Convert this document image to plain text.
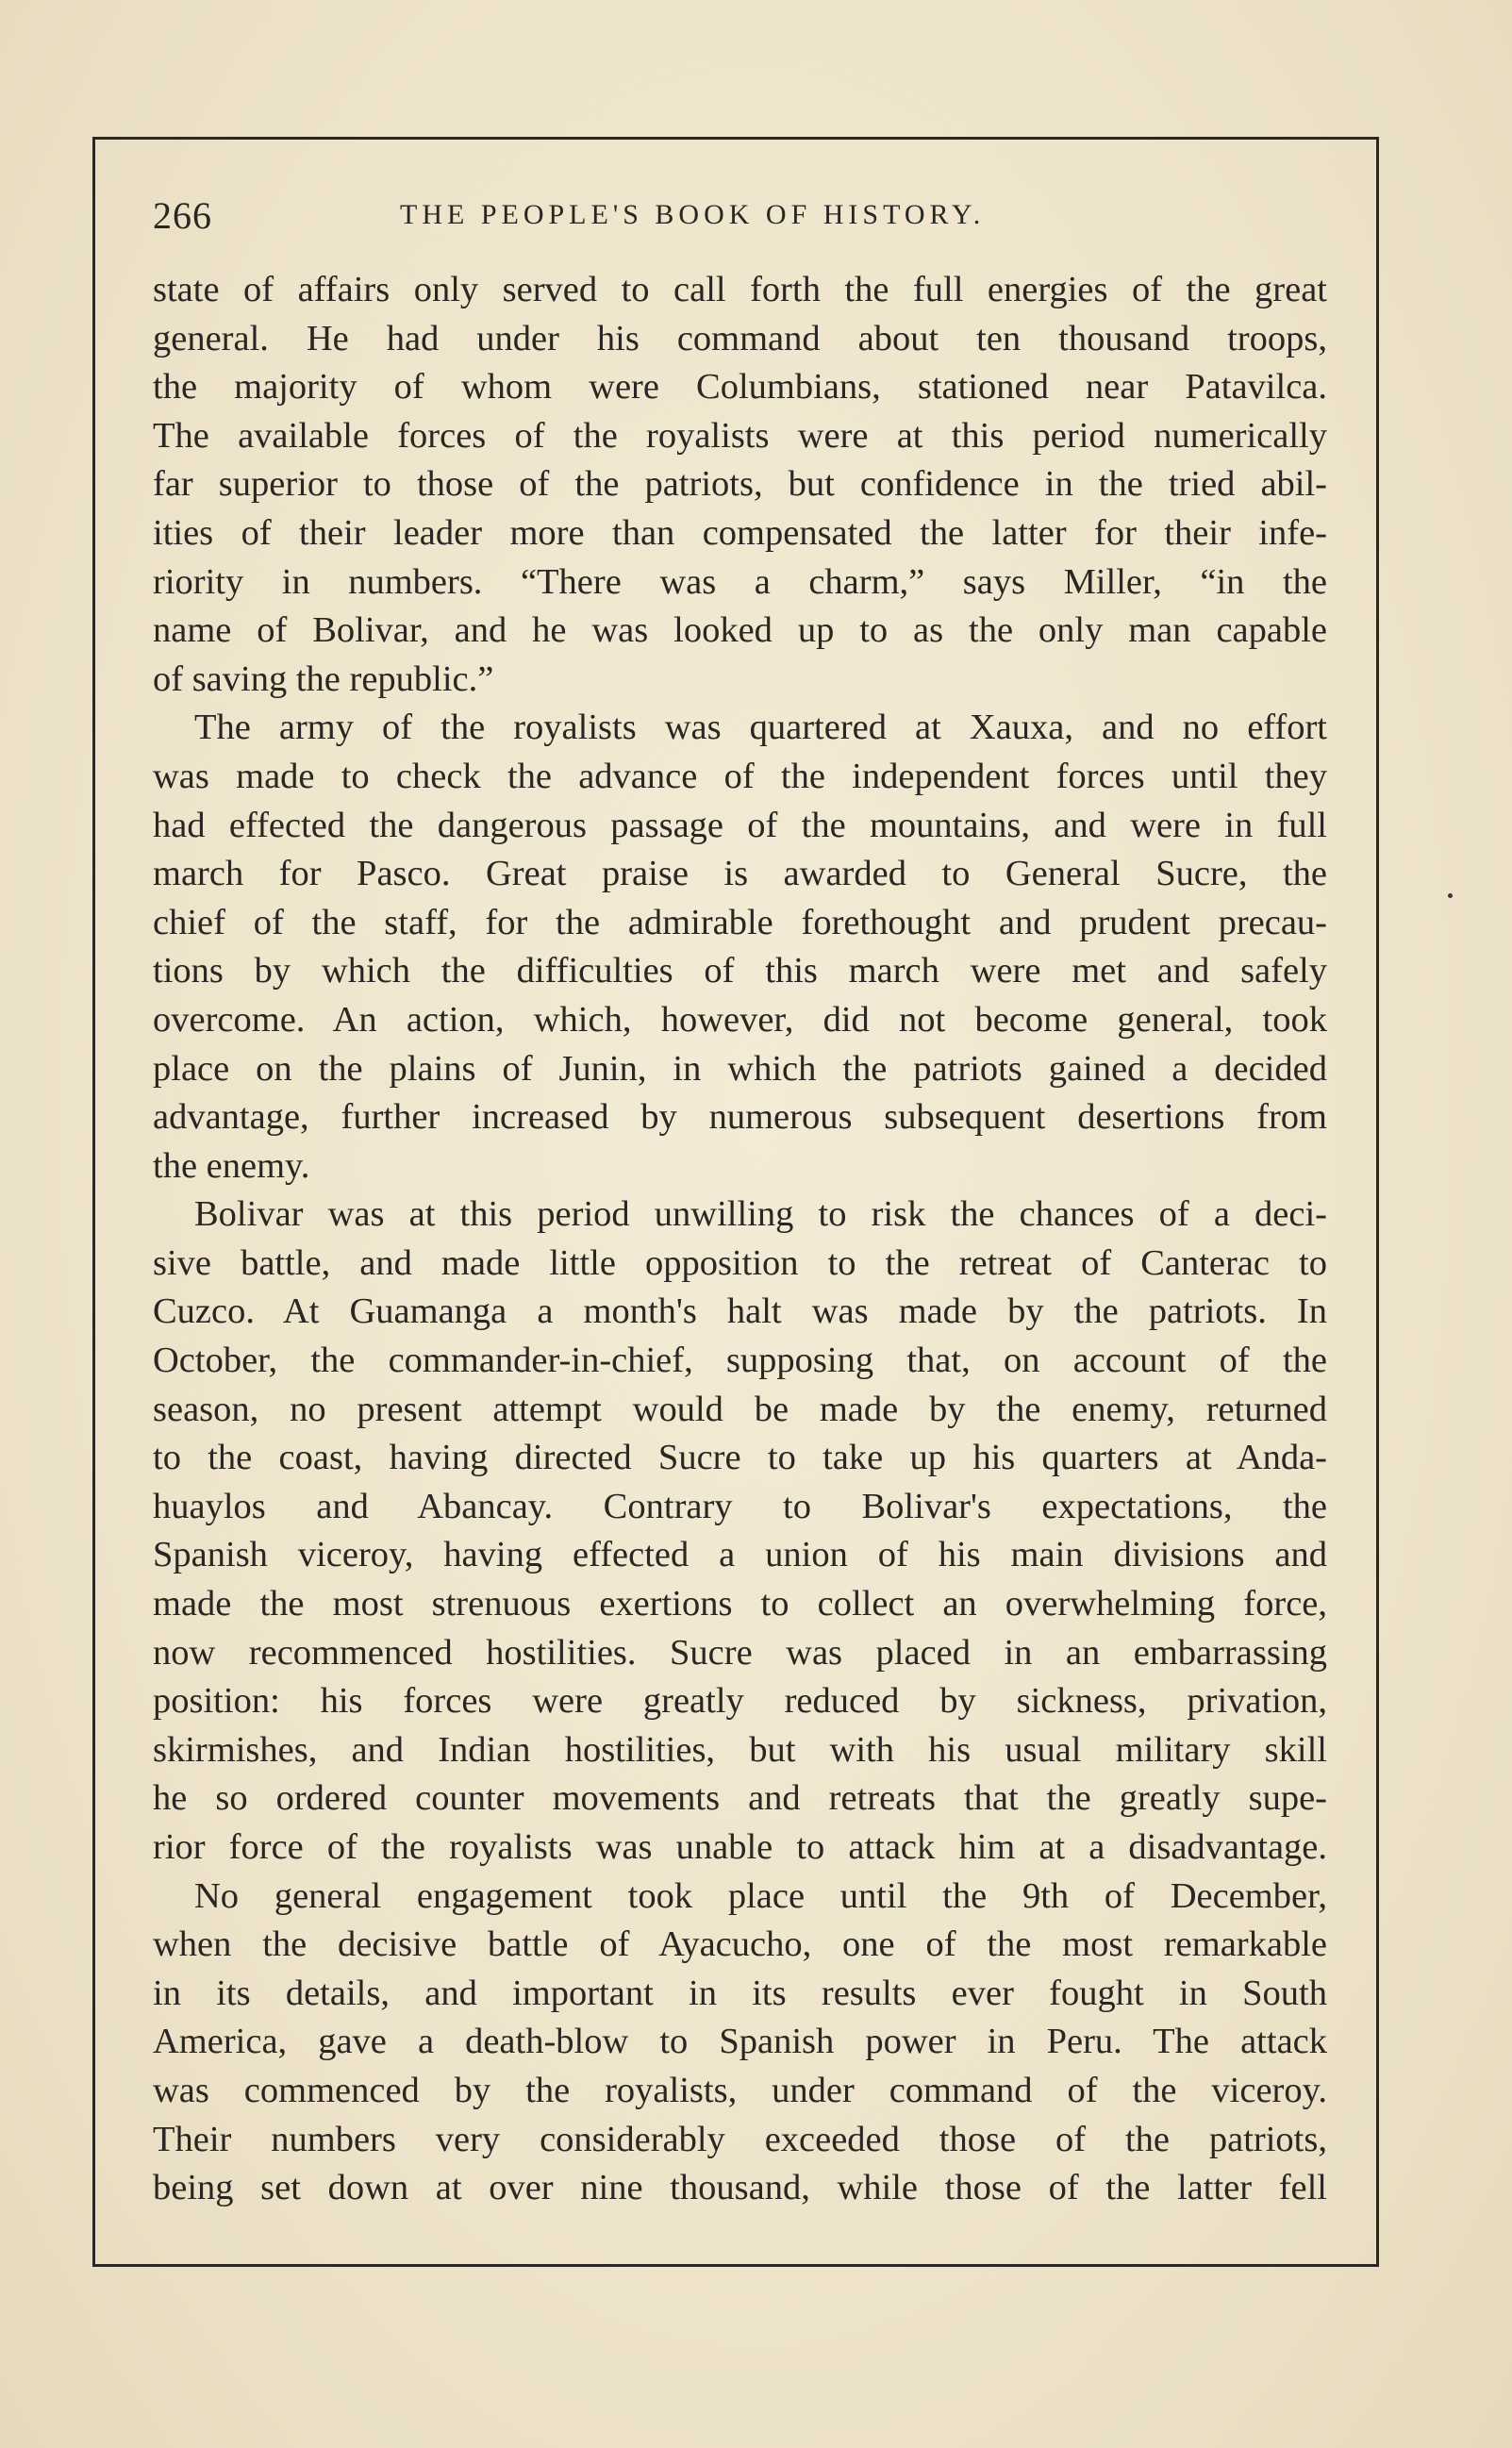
266	THE PEOPLE'S BOOK OF HISTORY.
state of affairs only served to call forth the full energies of the great
general. He had under his command about ten thousand troops,
the majority of whom were Columbians, stationed near Patavilca.
The available forces of the royalists were at this period numerically
far superior to those of the patriots, but confidence in the tried abil-
ities of their leader more than compensated the latter for their infe-
riority in numbers. “There was a charm,” says Miller, “in the
name of Bolivar, and he was looked up to as the only man capable
of saving the republic.”
The army of the royalists was quartered at Xauxa, and no effort
was made to check the advance of the independent forces until they
had effected the dangerous passage of the mountains, and were in full
march for Pasco. Great praise is awarded to General Sucre, the
chief of the staff, for the admirable forethought and prudent precau-
tions by which the difficulties of this march were met and safely
overcome. An action, which, however, did not become general, took
place on the plains of Junin, in which the patriots gained a decided
advantage, further increased by numerous subsequent desertions from
the enemy.
Bolivar was at this period unwilling to risk the chances of a deci-
sive battle, and made little opposition to the retreat of Canterac to
Cuzco. At Guamanga a month's halt was made by the patriots. In
October, the commander-in-chief, supposing that, on account of the
season, no present attempt would be made by the enemy, returned
to the coast, having directed Sucre to take up his quarters at Anda-
huaylos and Abancay. Contrary to Bolivar's expectations, the
Spanish viceroy, having effected a union of his main divisions and
made the most strenuous exertions to collect an overwhelming force,
now recommenced hostilities. Sucre was placed in an embarrassing
position: his forces were greatly reduced by sickness, privation,
skirmishes, and Indian hostilities, but with his usual military skill
he so ordered counter movements and retreats that the greatly supe-
rior force of the royalists was unable to attack him at a disadvantage.
No general engagement took place until the 9th of December,
when the decisive battle of Ayacucho, one of the most remarkable
in its details, and important in its results ever fought in South
America, gave a death-blow to Spanish power in Peru. The attack
was commenced by the royalists, under command of the viceroy.
Their numbers very considerably exceeded those of the patriots,
being set down at over nine thousand, while those of the latter fell
